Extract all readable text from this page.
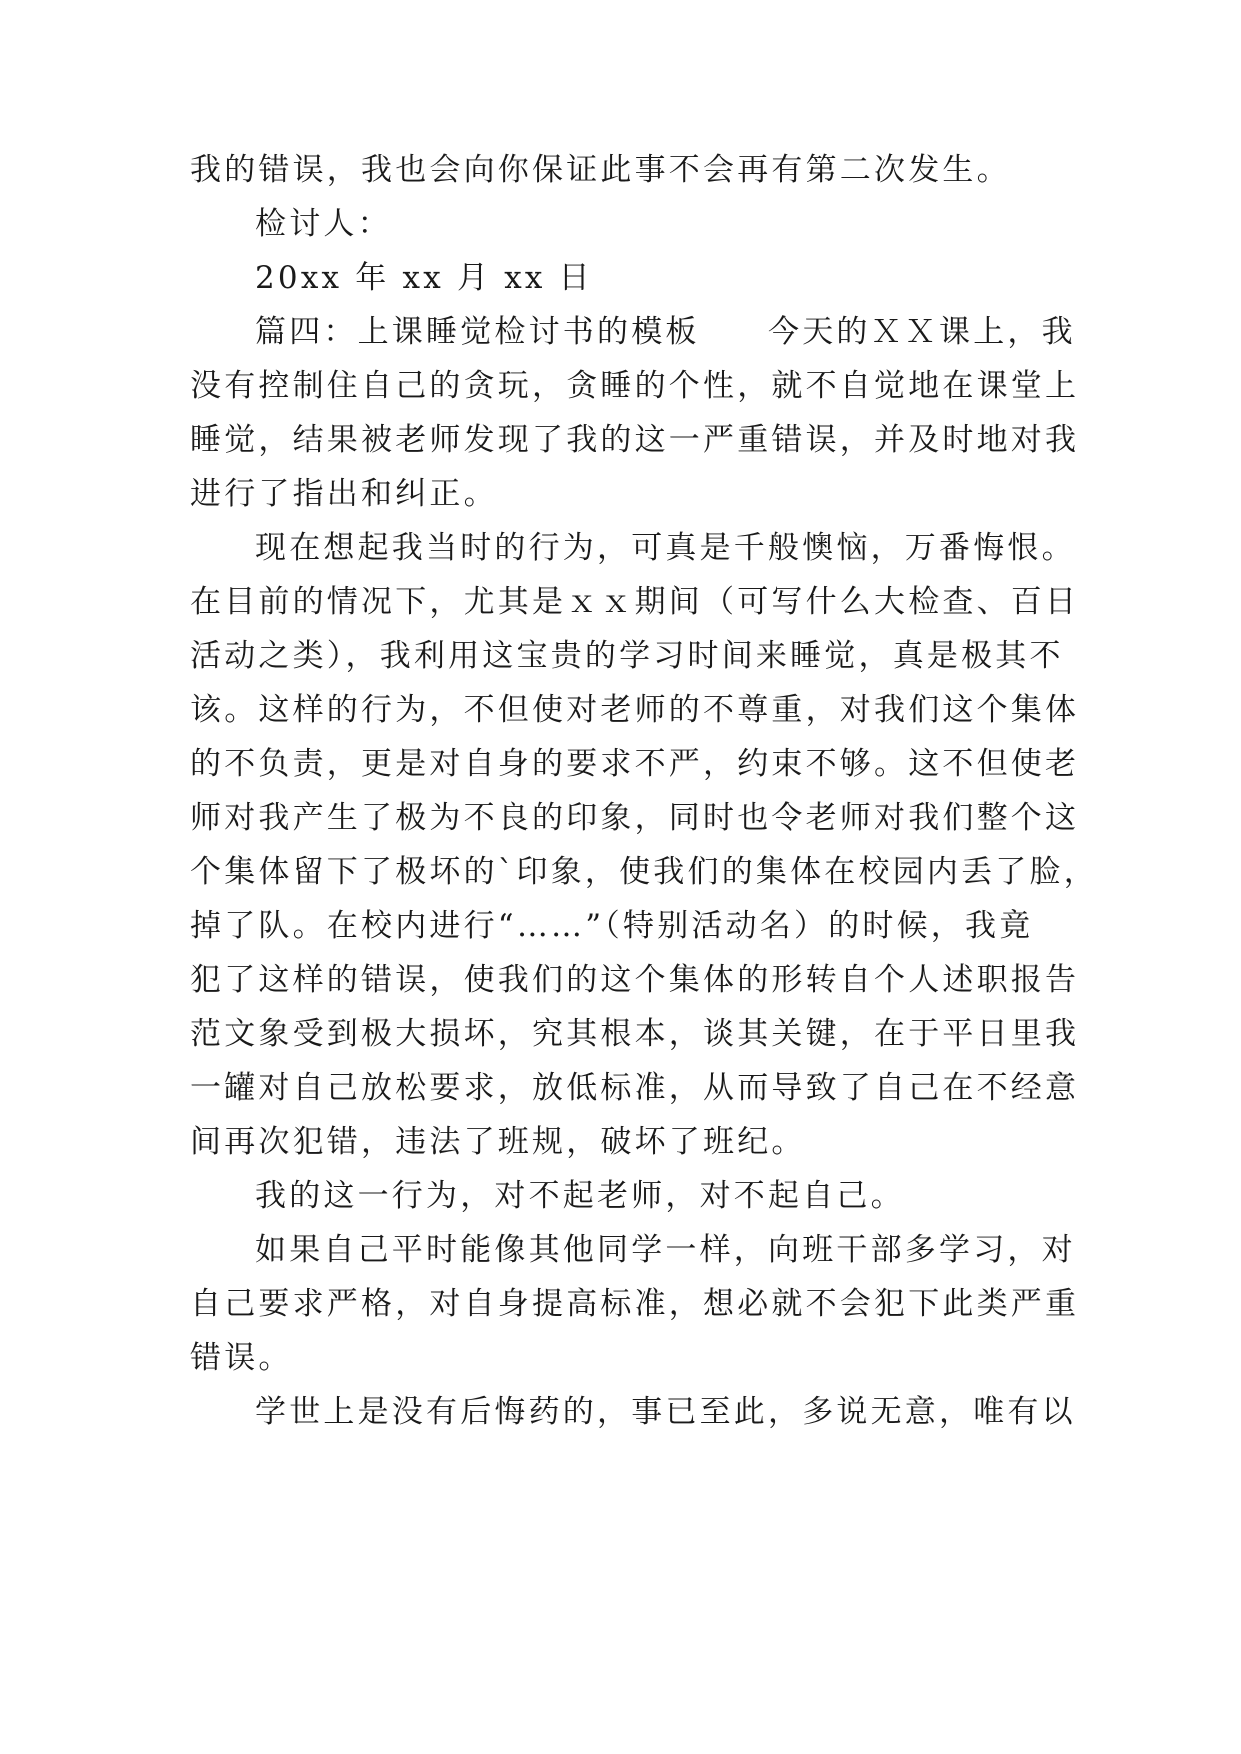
我的错误，我也会向你保证此事不会再有第二次发生。

检讨人：

20xx 年 xx 月 xx 日

篇四：上课睡觉检讨书的模板　　今天的ＸＸ课上，我

没有控制住自己的贪玩，贪睡的个性，就不自觉地在课堂上

睡觉，结果被老师发现了我的这一严重错误，并及时地对我

进行了指出和纠正。

现在想起我当时的行为，可真是千般懊恼，万番悔恨。

在目前的情况下，尤其是ｘｘ期间（可写什么大检查、百日

活动之类），我利用这宝贵的学习时间来睡觉，真是极其不

该。这样的行为，不但使对老师的不尊重，对我们这个集体

的不负责，更是对自身的要求不严，约束不够。这不但使老

师对我产生了极为不良的印象，同时也令老师对我们整个这

个集体留下了极坏的`印象，使我们的集体在校园内丢了脸，

掉了队。在校内进行“……”（特别活动名）的时候，我竟

犯了这样的错误，使我们的这个集体的形转自个人述职报告

范文象受到极大损坏，究其根本，谈其关键，在于平日里我

一罐对自己放松要求，放低标准，从而导致了自己在不经意

间再次犯错，违法了班规，破坏了班纪。

我的这一行为，对不起老师，对不起自己。

如果自己平时能像其他同学一样，向班干部多学习，对

自己要求严格，对自身提高标准，想必就不会犯下此类严重

错误。

学世上是没有后悔药的，事已至此，多说无意，唯有以
